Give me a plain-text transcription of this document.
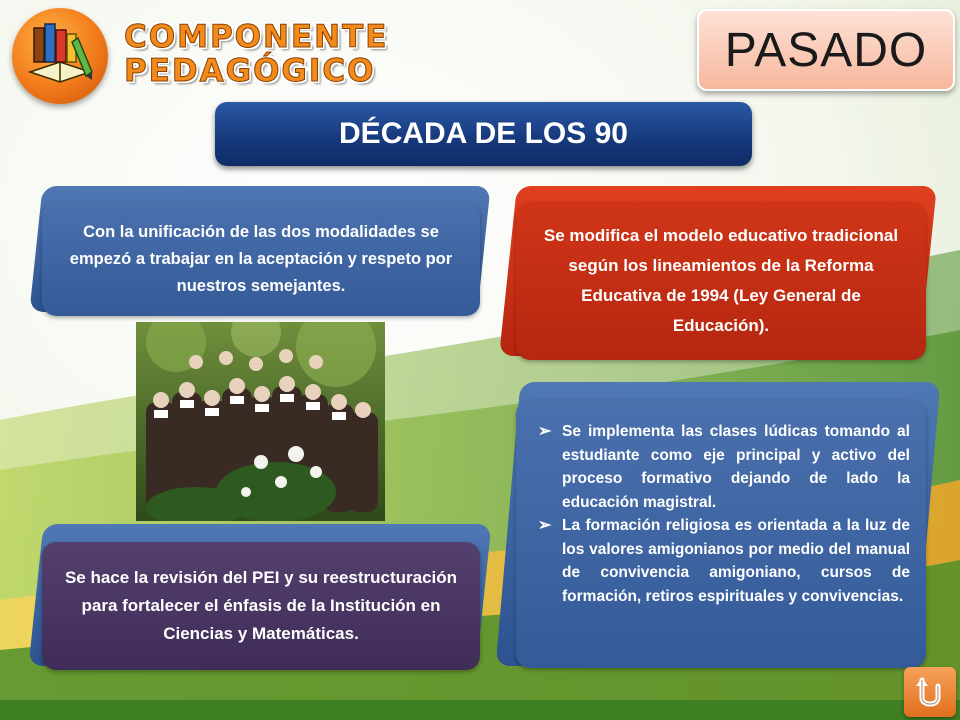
COMPONENTE
PEDAGÓGICO	PASADO
DÉCADA DE LOS 90
Con la unificación de las dos modalidades se empezó a trabajar en la aceptación y respeto por nuestros semejantes.
Se modifica el modelo educativo tradicional según los lineamientos de la Reforma Educativa de 1994 (Ley General de Educación).
➢ Se implementa las clases lúdicas tomando al estudiante como eje principal y activo del proceso formativo dejando de lado la educación magistral.
➢ La formación religiosa es orientada a la luz de los valores amigonianos por medio del manual de convivencia amigoniano, cursos de formación, retiros espirituales y convivencias.
Se hace la revisión del PEI y su reestructuración para fortalecer el énfasis de la Institución en Ciencias y Matemáticas.
